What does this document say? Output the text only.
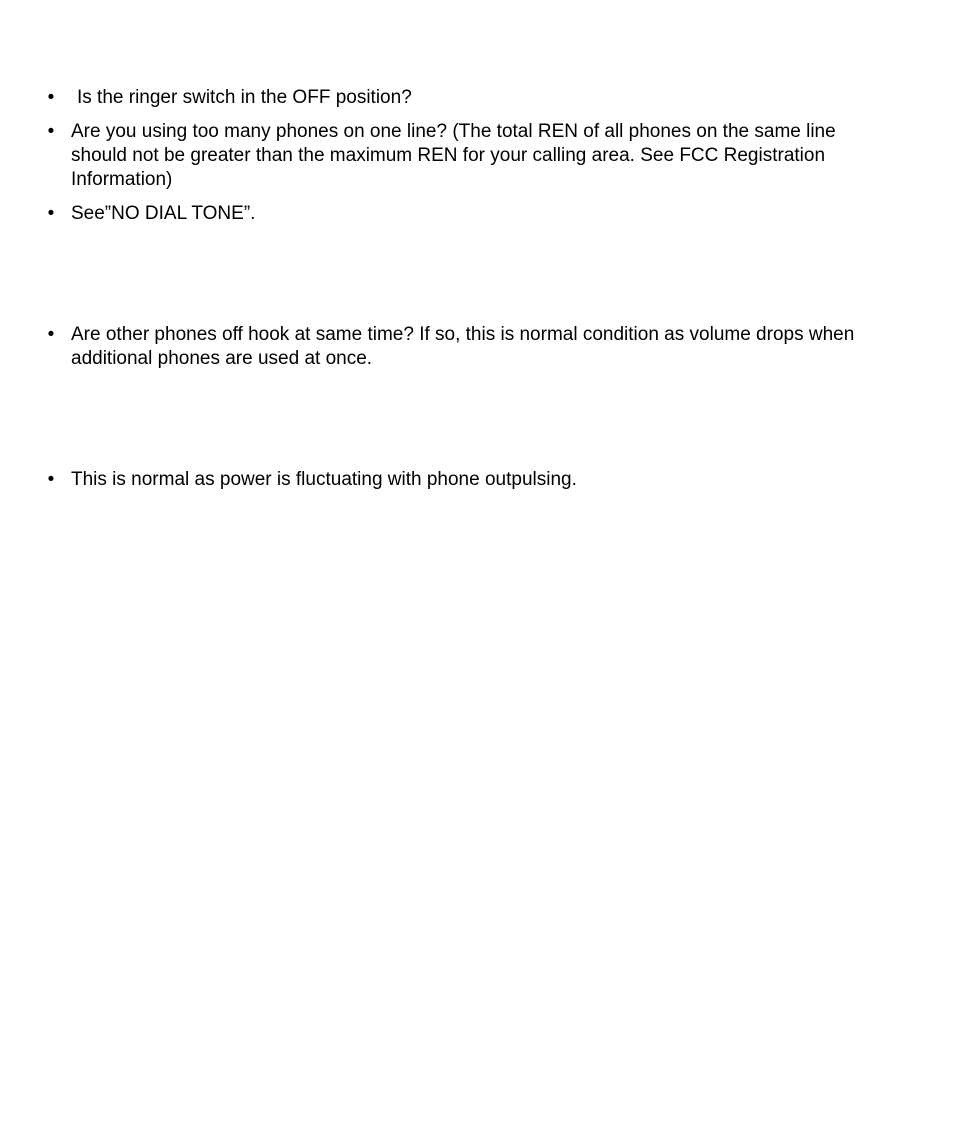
• Is the ringer switch in the OFF position?

• Are you using too many phones on one line? (The total REN of all phones on the same line should not be greater than the maximum REN for your calling area. See FCC Registration Information)

• See”NO DIAL TONE”.

• Are other phones off hook at same time? If so, this is normal condition as volume drops when additional phones are used at once.

• This is normal as power is fluctuating with phone outpulsing.
